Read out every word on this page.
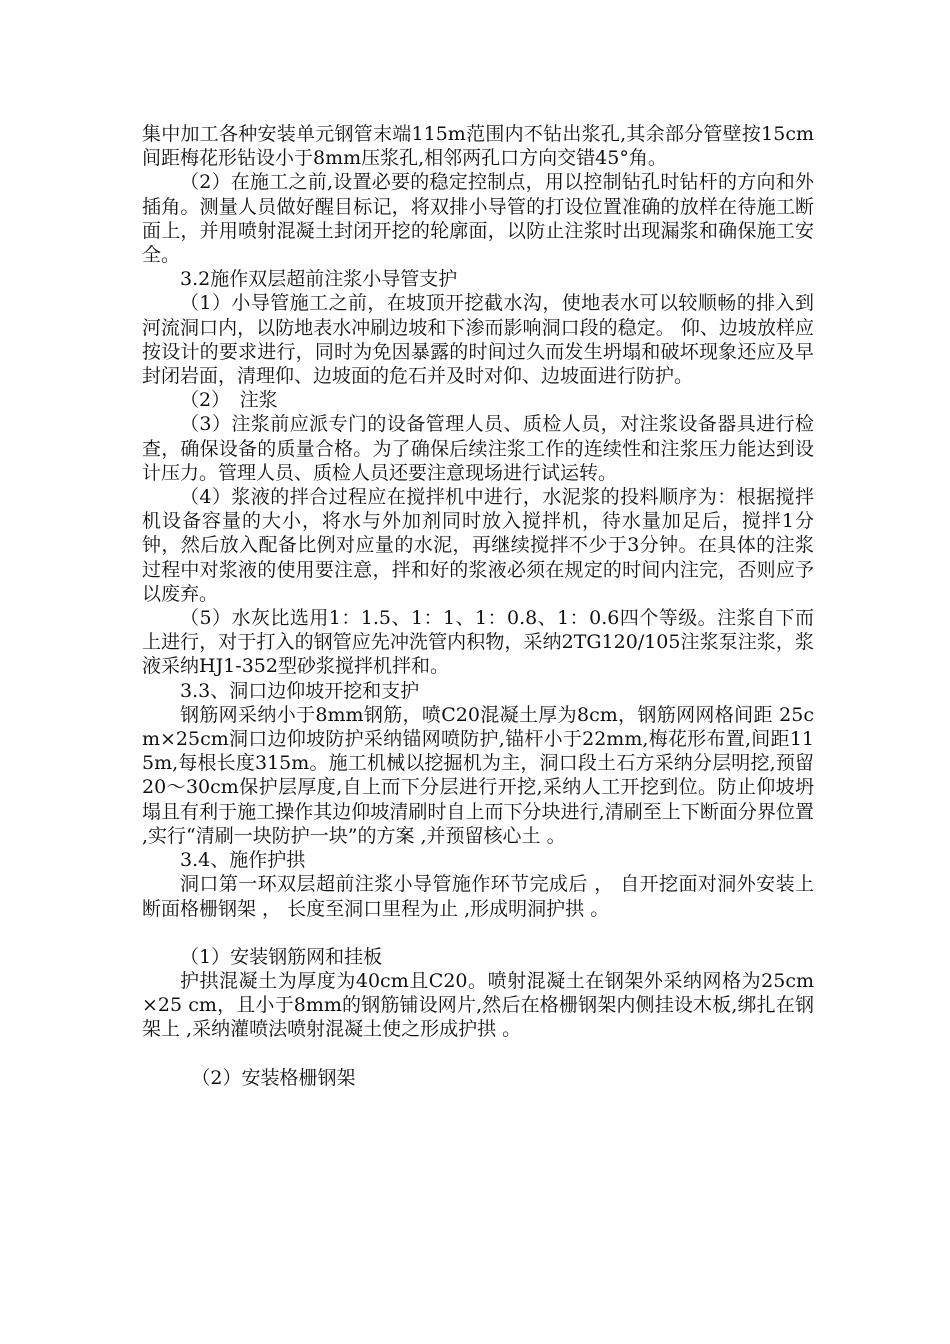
集中加工各种安装单元钢管末端115m范围内不钻出浆孔,其余部分管壁按15cm间距梅花形钻设小于8mm压浆孔,相邻两孔口方向交错45°角。

（2）在施工之前,设置必要的稳定控制点，用以控制钻孔时钻杆的方向和外插角。测量人员做好醒目标记，将双排小导管的打设位置准确的放样在待施工断面上，并用喷射混凝土封闭开挖的轮廓面，以防止注浆时出现漏浆和确保施工安全。

3.2施作双层超前注浆小导管支护

（1）小导管施工之前，在坡顶开挖截水沟，使地表水可以较顺畅的排入到河流洞口内，以防地表水冲刷边坡和下渗而影响洞口段的稳定。 仰、边坡放样应按设计的要求进行，同时为免因暴露的时间过久而发生坍塌和破坏现象还应及早封闭岩面，清理仰、边坡面的危石并及时对仰、边坡面进行防护。

（2）　注浆

（3）注浆前应派专门的设备管理人员、质检人员，对注浆设备器具进行检查，确保设备的质量合格。为了确保后续注浆工作的连续性和注浆压力能达到设计压力。管理人员、质检人员还要注意现场进行试运转。

（4）浆液的拌合过程应在搅拌机中进行，水泥浆的投料顺序为：根据搅拌机设备容量的大小，将水与外加剂同时放入搅拌机，待水量加足后，搅拌1分钟，然后放入配备比例对应量的水泥，再继续搅拌不少于3分钟。在具体的注浆过程中对浆液的使用要注意，拌和好的浆液必须在规定的时间内注完，否则应予以废弃。

（5）水灰比选用1：1.5、1：1、1：0.8、1：0.6四个等级。注浆自下而上进行，对于打入的钢管应先冲洗管内积物，采纳2TG120/105注浆泵注浆，浆液采纳HJ1-352型砂浆搅拌机拌和。

3.3、洞口边仰坡开挖和支护

钢筋网采纳小于8mm钢筋，喷C20混凝土厚为8cm，钢筋网网格间距 25cm×25cm洞口边仰坡防护采纳锚网喷防护,锚杆小于22mm,梅花形布置,间距115m,每根长度315m。施工机械以挖掘机为主，洞口段土石方采纳分层明挖,预留20～30cm保护层厚度,自上而下分层进行开挖,采纳人工开挖到位。防止仰坡坍塌且有利于施工操作其边仰坡清刷时自上而下分块进行,清刷至上下断面分界位置 ,实行“清刷一块防护一块”的方案 ,并预留核心土 。

3.4、施作护拱

洞口第一环双层超前注浆小导管施作环节完成后 ， 自开挖面对洞外安装上断面格栅钢架 ， 长度至洞口里程为止 ,形成明洞护拱 。

（1）安装钢筋网和挂板

护拱混凝土为厚度为40cm且C20。喷射混凝土在钢架外采纳网格为25cm×25 cm，且小于8mm的钢筋铺设网片,然后在格栅钢架内侧挂设木板,绑扎在钢架上 ,采纳灌喷法喷射混凝土使之形成护拱 。

（2）安装格栅钢架
